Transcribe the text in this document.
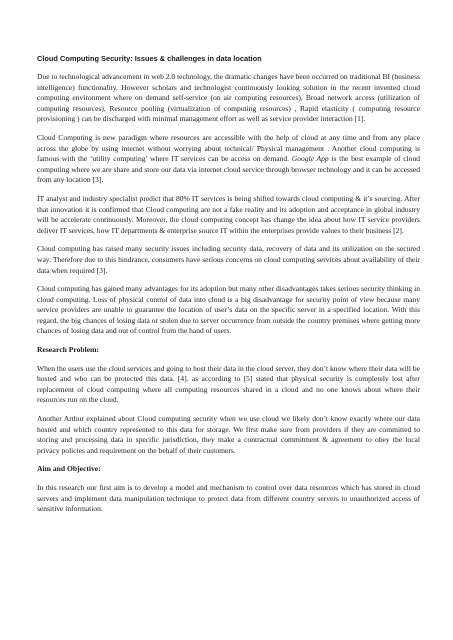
Cloud Computing Security: Issues & challenges in data location

Due to technological advancement in web 2.0 technology, the dramatic changes have been occurred on traditional BI (business intelligence) functionality. However scholars and technologist continuously looking solution in the recent invented cloud computing environment where on demand self-service (on air computing resources), Broad network access (utilization of computing resources), Resource pooling (virtualization of computing resources) , Rapid elasticity ( computing resource provisioning ) can be discharged with minimal management effort as well as service provider interaction [1].

Cloud Computing is new paradigm where resources are accessible with the help of cloud at any time and from any place across the globe by using internet without worrying about technical/ Physical management . Another cloud computing is famous with the ‘utility computing’ where IT services can be access on demand. Google App is the best example of cloud computing where we are share and store our data via internet cloud service through browser technology and it can be accessed from any location [3].

IT analyst and industry specialist predict that 80% IT services is being shifted towards cloud computing & it’s sourcing. After that innovation it is confirmed that Cloud computing are not a fake reality and its adoption and acceptance in global industry will be accelerate continuously. Moreover, the cloud computing concept has change the idea about how IT service providers deliver IT services, how IT departments & enterprise source IT within the enterprises provide values to their business [2].

Cloud computing has raised many security issues including security data, recovery of data and its utilization on the secured way. Therefore due to this hindrance, consumers have serious concerns on cloud computing services about availability of their data when required [3].

Cloud computing has gained many advantages for its adoption but many other disadvantages takes serious security thinking in cloud computing. Loss of physical control of data into cloud is a big disadvantage for security point of view because many service providers are unable to guarantee the location of user’s data on the specific server in a specified location. With this regard, the big chances of losing data or stolen due to server occurrence from outside the country premises where getting more chances of losing data and out of control from the hand of users.

Research Problem:

When the users use the cloud services and going to host their data in the cloud server, they don’t know where their data will be hosted and who can be protected this data. [4]. as according to [5] stated that physical security is completely lost after replacement of cloud computing where all computing resources shared in a cloud and no one knows about where their resources run on the cloud.

Another Arthur explained about Cloud computing security when we use cloud we likely don’t know exactly where our data hosted and which country represented to this data for storage. We first make sure from providers if they are committed to storing and processing data in specific jurisdiction, they make a contractual commitment & agreement to obey the local privacy policies and requirement on the behalf of their customers.

Aim and Objective:

In this research our first aim is to develop a model and mechanism to control over data resources which has stored in cloud servers and implement data manipulation technique to protect data from different country servers to unauthorized access of sensitive information.
